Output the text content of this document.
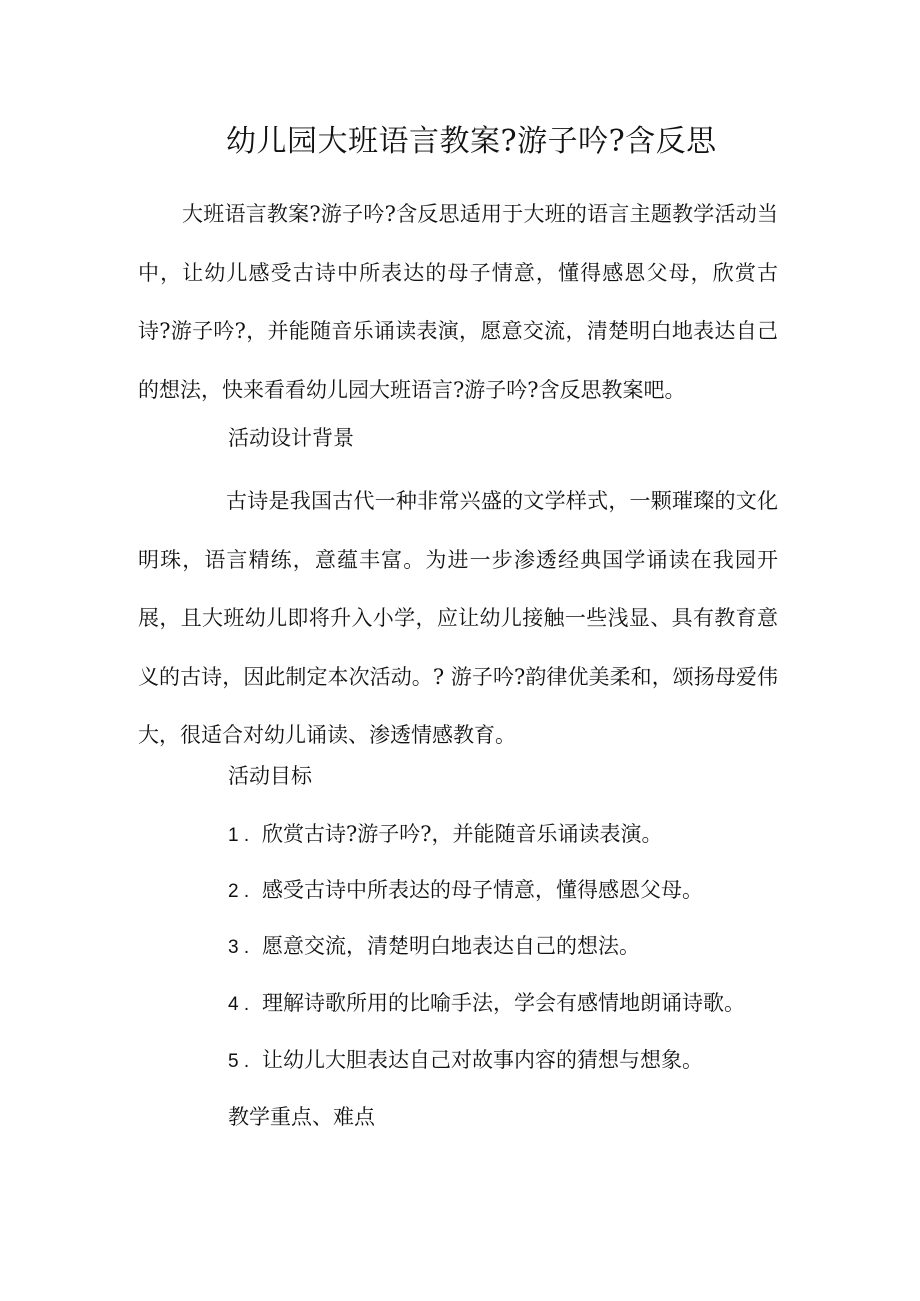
幼儿园大班语言教案?游子吟?含反思
大班语言教案?游子吟?含反思适用于大班的语言主题教学活动当中，让幼儿感受古诗中所表达的母子情意，懂得感恩父母，欣赏古诗?游子吟?，并能随音乐诵读表演，愿意交流，清楚明白地表达自己的想法，快来看看幼儿园大班语言?游子吟?含反思教案吧。
活动设计背景
古诗是我国古代一种非常兴盛的文学样式，一颗璀璨的文化明珠，语言精练，意蕴丰富。为进一步渗透经典国学诵读在我园开展，且大班幼儿即将升入小学，应让幼儿接触一些浅显、具有教育意义的古诗，因此制定本次活动。? 游子吟?韵律优美柔和，颂扬母爱伟大，很适合对幼儿诵读、渗透情感教育。
活动目标
1 . 欣赏古诗?游子吟?，并能随音乐诵读表演。
2 . 感受古诗中所表达的母子情意，懂得感恩父母。
3 . 愿意交流，清楚明白地表达自己的想法。
4 . 理解诗歌所用的比喻手法，学会有感情地朗诵诗歌。
5 . 让幼儿大胆表达自己对故事内容的猜想与想象。
教学重点、难点
